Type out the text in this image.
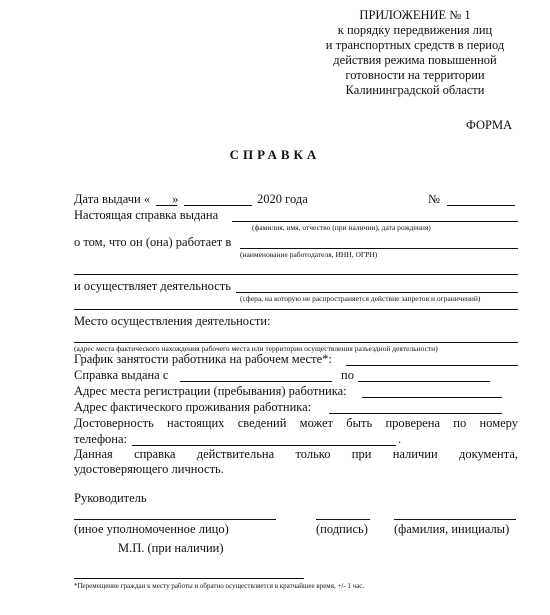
ПРИЛОЖЕНИЕ № 1
к порядку передвижения лиц
и транспортных средств в период
действия режима повышенной
готовности на территории
Калининградской области
ФОРМА
СПРАВКА
Дата выдачи « »	2020 года	№
Настоящая справка выдана
(фамилия, имя, отчество (при наличии), дата рождения)
о том, что он (она) работает в
(наименование работодателя, ИНН, ОГРН)
и осуществляет деятельность
(сфера, на которую не распространяется действие запретов и ограничений)
Место осуществления деятельности:
(адрес места фактического нахождения рабочего места или территории осуществления разъездной деятельности)
График занятости работника на рабочем месте*:
Справка выдана с	по
Адрес места регистрации (пребывания) работника:
Адрес фактического проживания работника:
Достоверность настоящих сведений может быть проверена по номеру
телефона:	.
Данная справка действительна только при наличии документа,
удостоверяющего личность.
Руководитель
(иное уполномоченное лицо)	(подпись) (фамилия, инициалы)
М.П. (при наличии)
*Перемещение граждан к месту работы и обратно осуществляется в кратчайшее время, +/- 1 час.
